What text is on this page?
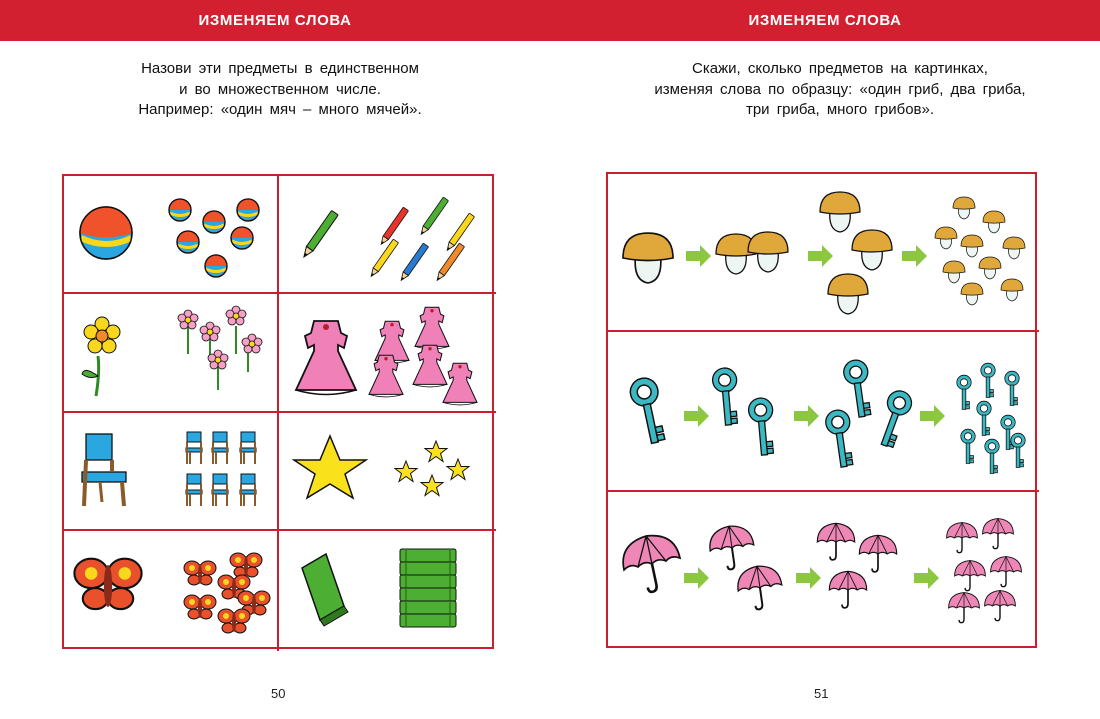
ИЗМЕНЯЕМ СЛОВА
Назови эти предметы в единственном
и во множественном числе.
Например: «один мяч – много мячей».
50
ИЗМЕНЯЕМ СЛОВА
Скажи, сколько предметов на картинках,
изменяя слова по образцу: «один гриб, два гриба,
три гриба, много грибов».
51
